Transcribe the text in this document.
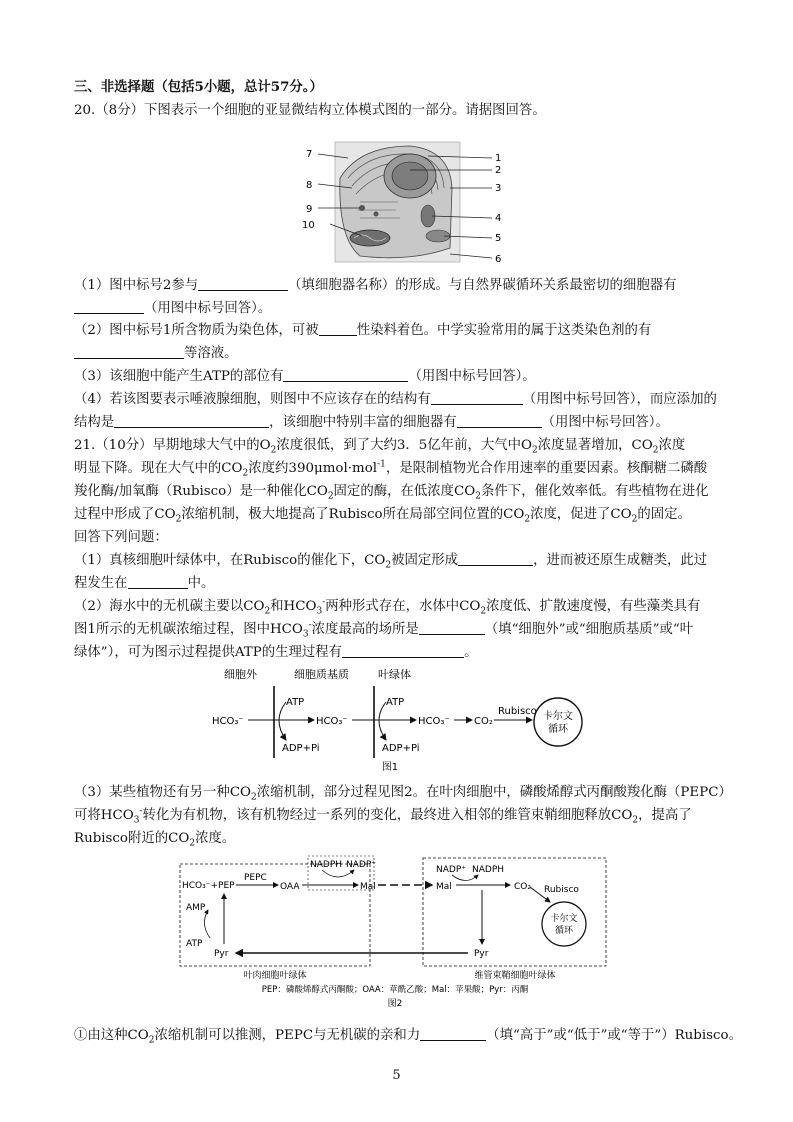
三、非选择题（包括5小题，总计57分。）
20.（8分）下图表示一个细胞的亚显微结构立体模式图的一部分。请据图回答。
7
8
9
10
1
2
3
4
5
6
（1）图中标号2参与	（填细胞器名称）的形成。与自然界碳循环关系最密切的细胞器有
（用图中标号回答）。
（2）图中标号1所含物质为染色体，可被	性染料着色。中学实验常用的属于这类染色剂的有
等溶液。
（3）该细胞中能产生ATP的部位有	（用图中标号回答）。
（4）若该图要表示唾液腺细胞，则图中不应该存在的结构有	（用图中标号回答），而应添加的
结构是	，该细胞中特别丰富的细胞器有	（用图中标号回答）。
21.（10分）早期地球大气中的$O_2$浓度很低，到了大约3．5亿年前，大气中$O_2$浓度显著增加，$CO_2$浓度
明显下降。现在大气中的$CO_2$浓度约390μmol·mol$^{-1}$，是限制植物光合作用速率的重要因素。核酮糖二磷酸
羧化酶/加氧酶（Rubisco）是一种催化$CO_2$固定的酶，在低浓度$CO_2$条件下，催化效率低。有些植物在进化
过程中形成了$CO_2$浓缩机制，极大地提高了Rubisco所在局部空间位置的$CO_2$浓度，促进了$CO_2$的固定。
回答下列问题：
（1）真核细胞叶绿体中，在Rubisco的催化下，$CO_2$被固定形成	，进而被还原生成糖类，此过
程发生在	中。
（2）海水中的无机碳主要以$CO_2$和$HCO_3^-$两种形式存在，水体中$CO_2$浓度低、扩散速度慢，有些藻类具有
图1所示的无机碳浓缩过程，图中$HCO_3^-$浓度最高的场所是	（填“细胞外”或“细胞质基质”或“叶
绿体”），可为图示过程提供ATP的生理过程有	。
细胞外	细胞质基质	叶绿体
HCO₃⁻	HCO₃⁻	HCO₃⁻ CO₂
Rubisco 卡尔文
循环
ATP
ADP+Pi
ATP
ADP+Pi
图1
（3）某些植物还有另一种$CO_2$浓缩机制，部分过程见图2。在叶肉细胞中，磷酸烯醇式丙酮酸羧化酶（PEPC）
可将$HCO_3^-$转化为有机物，该有机物经过一系列的变化，最终进入相邻的维管束鞘细胞释放$CO_2$，提高了
Rubisco附近的$CO_2$浓度。
HCO₃⁻+PEP
PEPC
OAA
NADPH NADP⁺
Mal	Mal
NADP⁺ NADPH
CO₂ Rubisco
卡尔文
循环
Pyr
Pyr
AMP
ATP
叶肉细胞叶绿体	维管束鞘细胞叶绿体
PEP：磷酸烯醇式丙酮酸；OAA：草酰乙酸；Mal：苹果酸；Pyr：丙酮
图2
①由这种$CO_2$浓缩机制可以推测，PEPC与无机碳的亲和力	（填“高于”或“低于”或“等于”）Rubisco。
5
